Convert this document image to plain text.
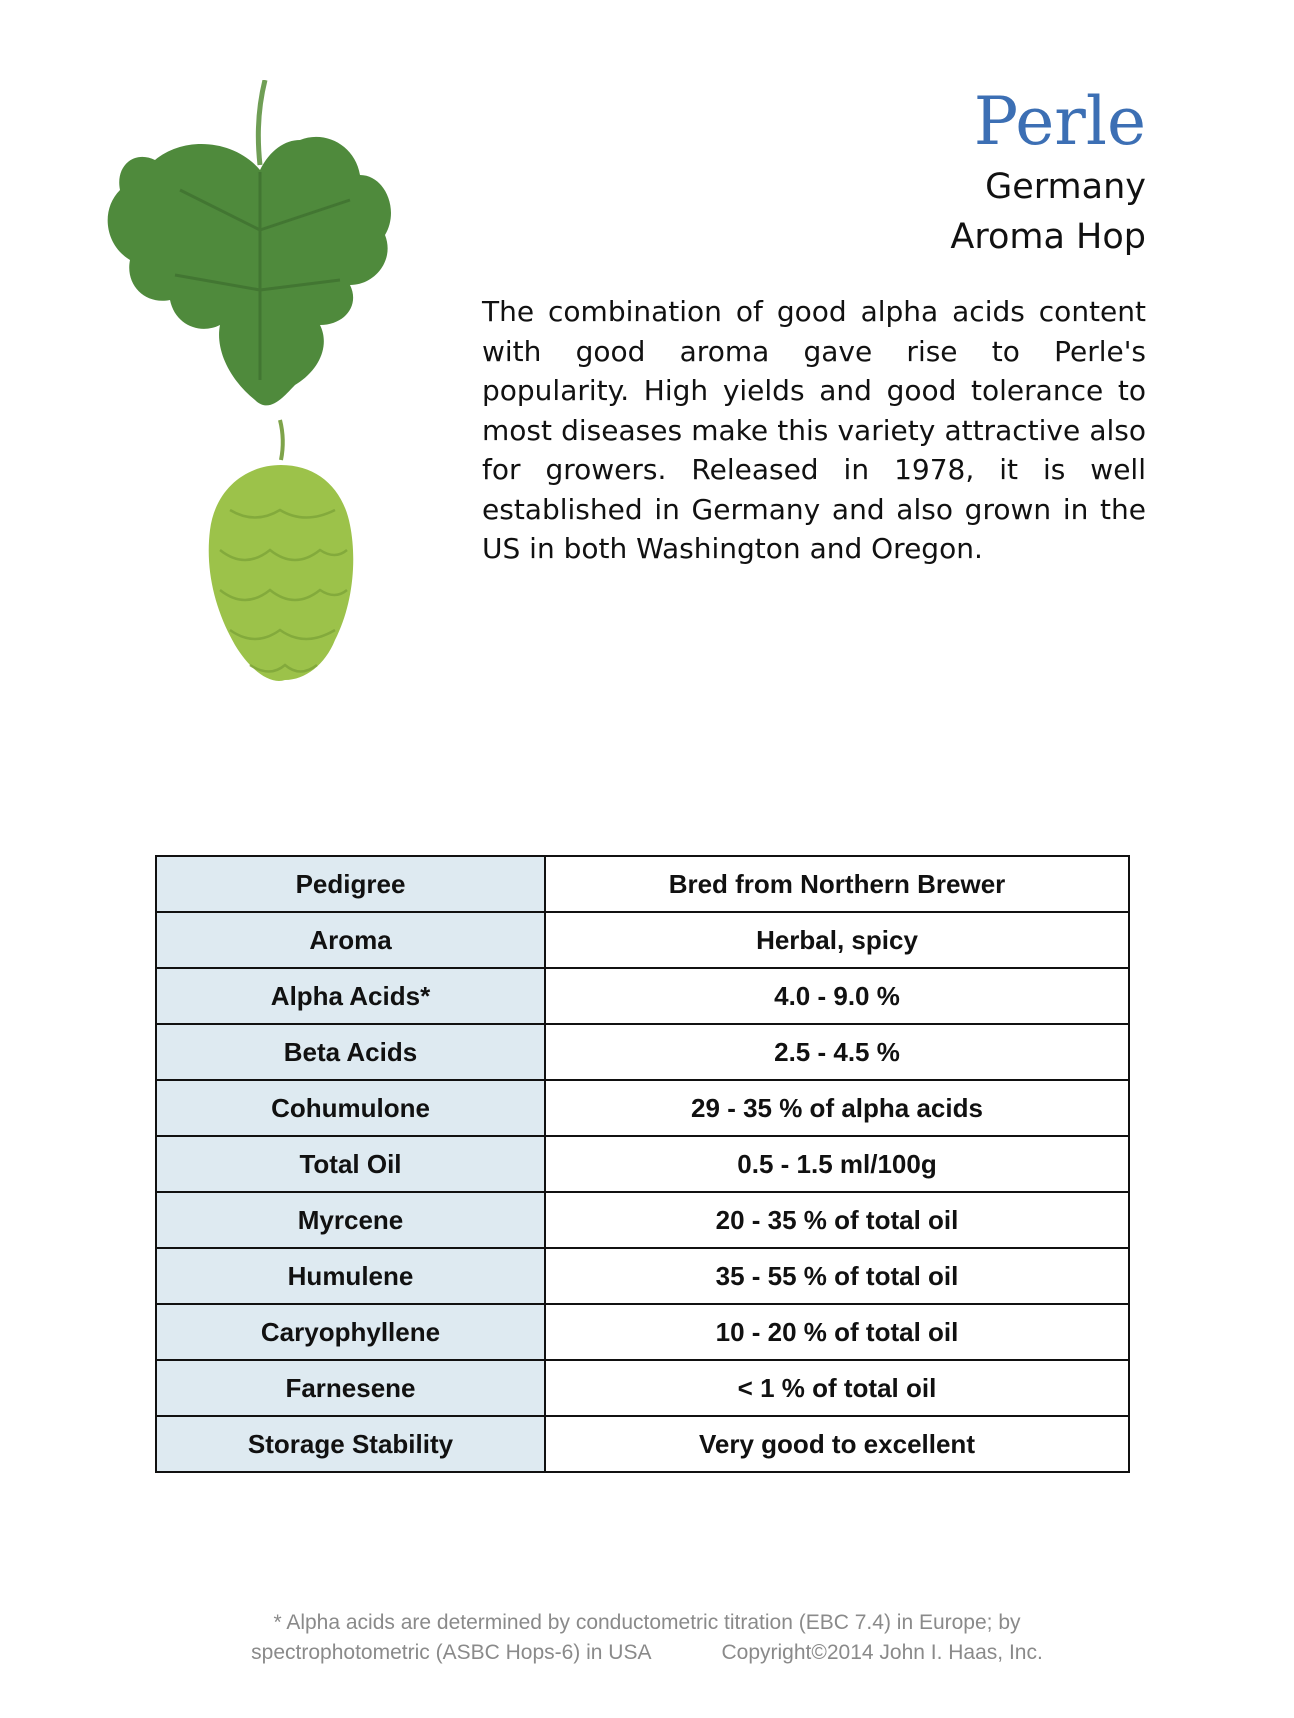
Perle
Germany
Aroma Hop
The combination of good alpha acids content with good aroma gave rise to Perle's popularity. High yields and good tolerance to most diseases make this variety attractive also for growers. Released in 1978, it is well established in Germany and also grown in the US in both Washington and Oregon.
Pedigree	Bred from Northern Brewer
Aroma	Herbal, spicy
Alpha Acids*	4.0 - 9.0 %
Beta Acids	2.5 - 4.5 %
Cohumulone	29 - 35 % of alpha acids
Total Oil	0.5 - 1.5 ml/100g
Myrcene	20 - 35 % of total oil
Humulene	35 - 55 % of total oil
Caryophyllene	10 - 20 % of total oil
Farnesene	< 1 % of total oil
Storage Stability	Very good to excellent
* Alpha acids are determined by conductometric titration (EBC 7.4) in Europe; by
spectrophotometric (ASBC Hops-6) in USA	Copyright©2014 John I. Haas, Inc.
